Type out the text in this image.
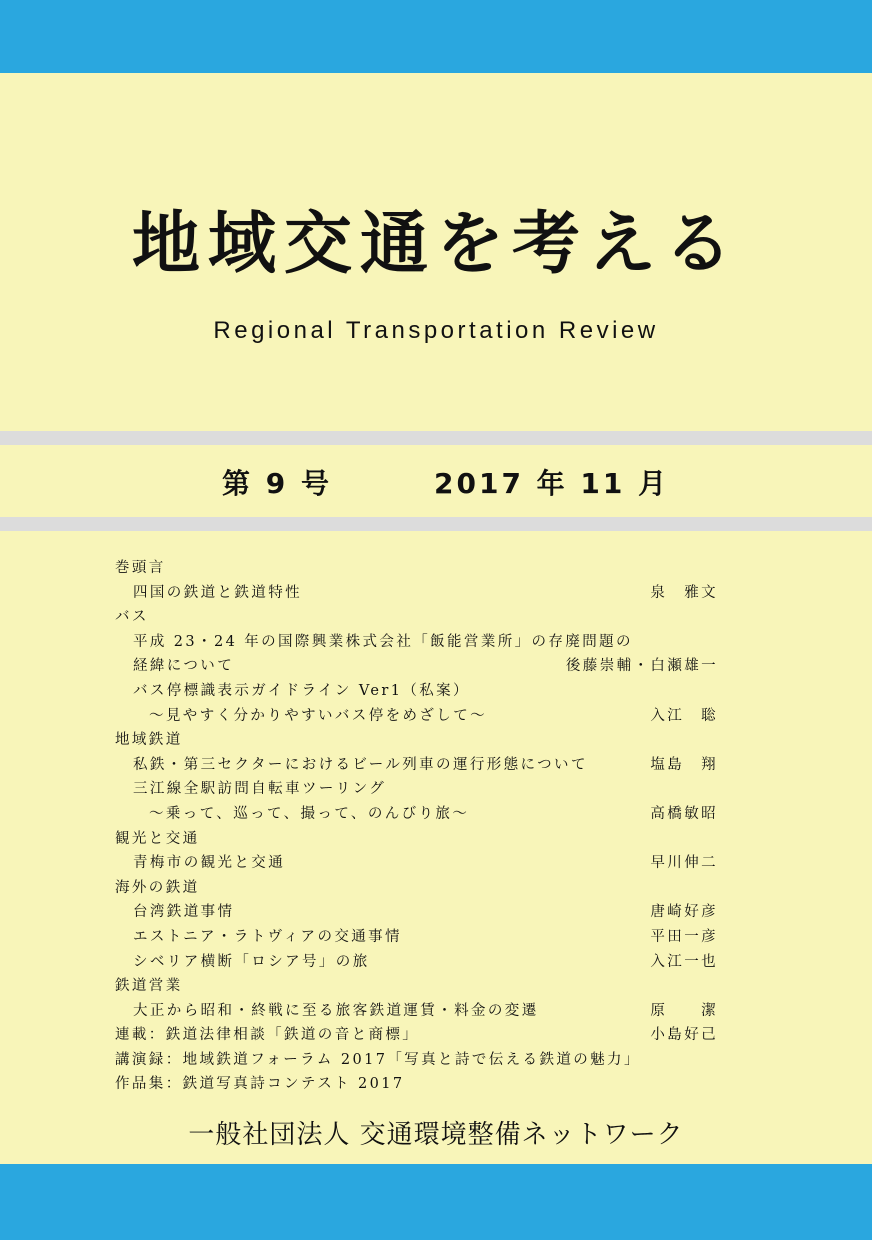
地域交通を考える
Regional Transportation Review
第 9 号	2017 年 11 月
巻頭言
四国の鉄道と鉄道特性	泉　雅文
バス
平成 23・24 年の国際興業株式会社「飯能営業所」の存廃問題の
経緯について	後藤崇輔・白瀬雄一
バス停標識表示ガイドライン Ver1（私案）
～見やすく分かりやすいバス停をめざして～	入江　聡
地域鉄道
私鉄・第三セクターにおけるビール列車の運行形態について	塩島　翔
三江線全駅訪問自転車ツーリング
～乗って、巡って、撮って、のんびり旅～	高橋敏昭
観光と交通
青梅市の観光と交通	早川伸二
海外の鉄道
台湾鉄道事情	唐崎好彦
エストニア・ラトヴィアの交通事情	平田一彦
シベリア横断「ロシア号」の旅	入江一也
鉄道営業
大正から昭和・終戦に至る旅客鉄道運賃・料金の変遷	原　　潔
連載：鉄道法律相談「鉄道の音と商標」	小島好己
講演録：地域鉄道フォーラム 2017「写真と詩で伝える鉄道の魅力」
作品集：鉄道写真詩コンテスト 2017
一般社団法人 交通環境整備ネットワーク
